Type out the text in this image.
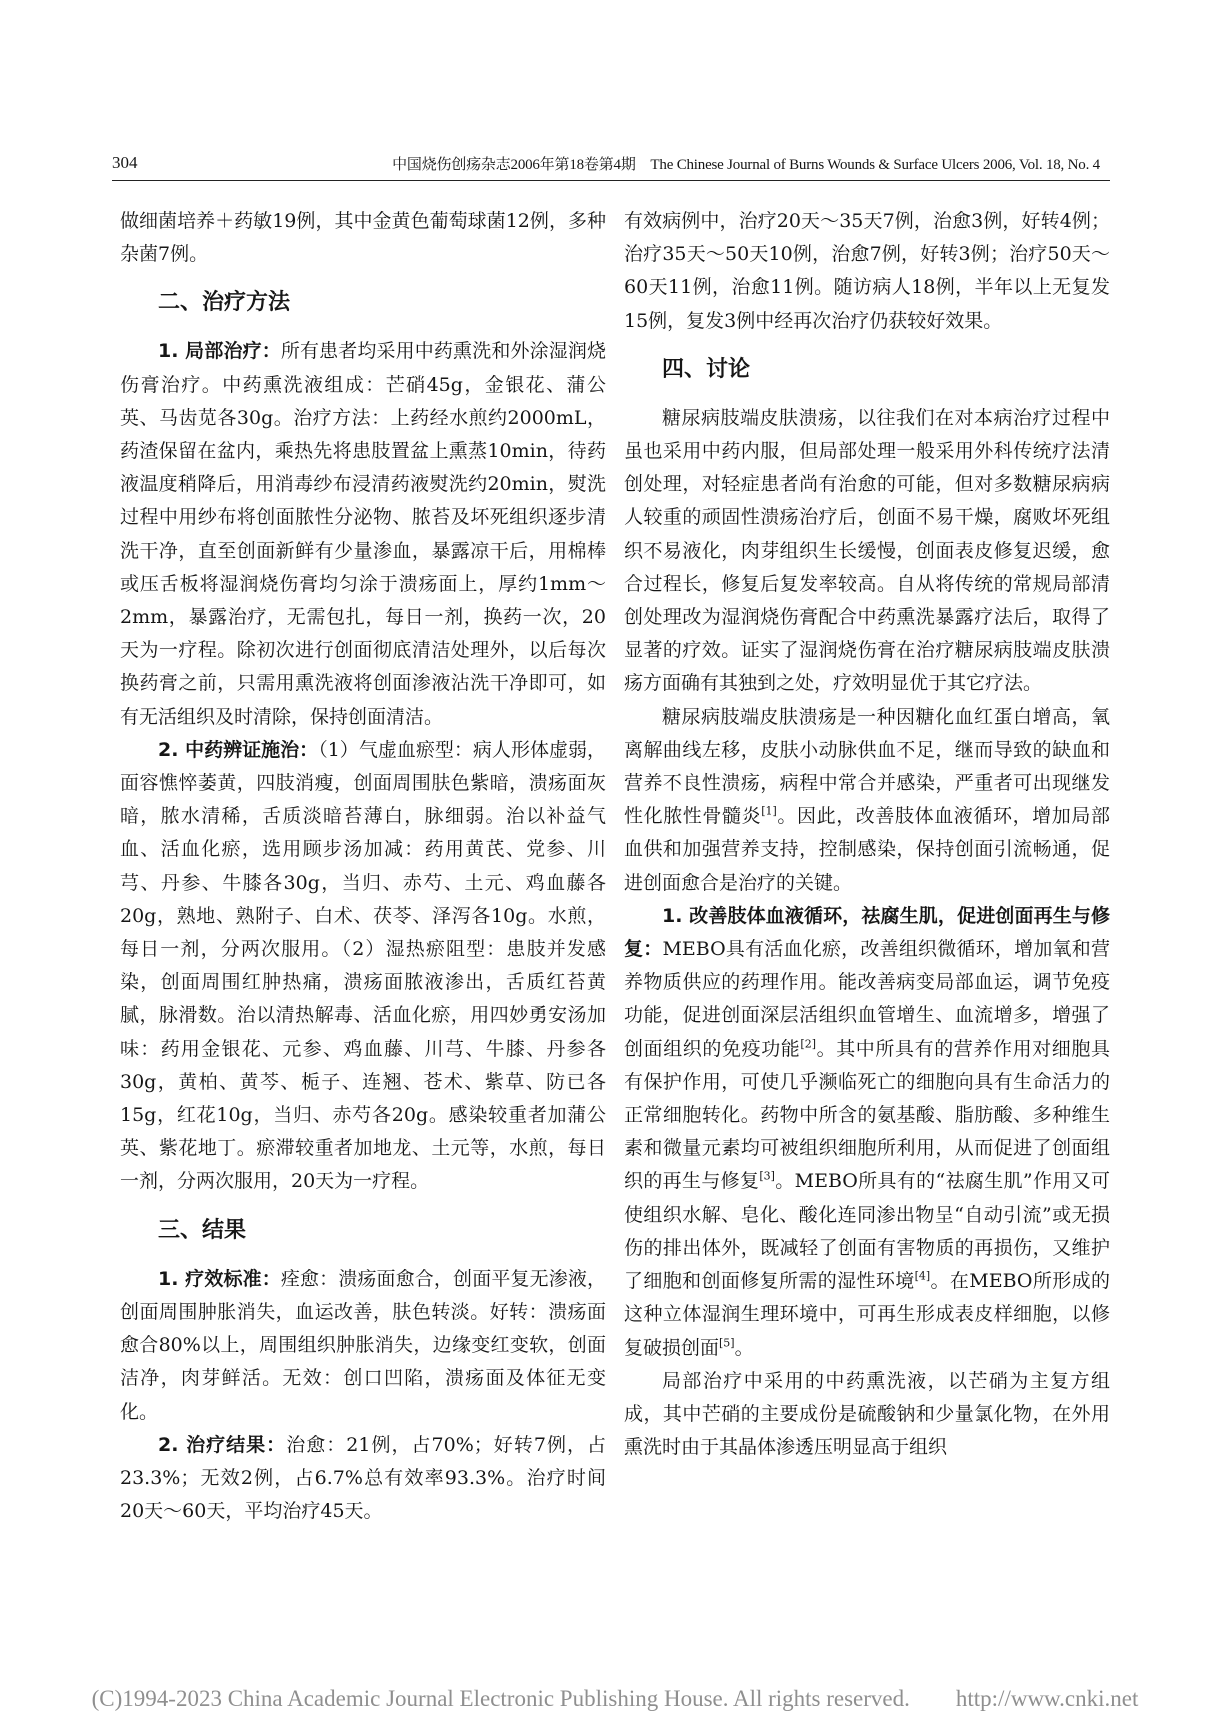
304	中国烧伤创疡杂志2006年第18卷第4期　The Chinese Journal of Burns Wounds & Surface Ulcers 2006, Vol. 18, No. 4

做细菌培养＋药敏19例，其中金黄色葡萄球菌12例，多种杂菌7例。

二、治疗方法

1. 局部治疗：所有患者均采用中药熏洗和外涂湿润烧伤膏治疗。中药熏洗液组成：芒硝45g，金银花、蒲公英、马齿苋各30g。治疗方法：上药经水煎约2000mL，药渣保留在盆内，乘热先将患肢置盆上熏蒸10min，待药液温度稍降后，用消毒纱布浸清药液熨洗约20min，熨洗过程中用纱布将创面脓性分泌物、脓苔及坏死组织逐步清洗干净，直至创面新鲜有少量渗血，暴露凉干后，用棉棒或压舌板将湿润烧伤膏均匀涂于溃疡面上，厚约1mm～2mm，暴露治疗，无需包扎，每日一剂，换药一次，20天为一疗程。除初次进行创面彻底清洁处理外，以后每次换药膏之前，只需用熏洗液将创面渗液沾洗干净即可，如有无活组织及时清除，保持创面清洁。

2. 中药辨证施治：（1）气虚血瘀型：病人形体虚弱，面容憔悴萎黄，四肢消瘦，创面周围肤色紫暗，溃疡面灰暗，脓水清稀，舌质淡暗苔薄白，脉细弱。治以补益气血、活血化瘀，选用顾步汤加减：药用黄芪、党参、川芎、丹参、牛膝各30g，当归、赤芍、土元、鸡血藤各20g，熟地、熟附子、白术、茯苓、泽泻各10g。水煎，每日一剂，分两次服用。（2）湿热瘀阻型：患肢并发感染，创面周围红肿热痛，溃疡面脓液渗出，舌质红苔黄腻，脉滑数。治以清热解毒、活血化瘀，用四妙勇安汤加味：药用金银花、元参、鸡血藤、川芎、牛膝、丹参各30g，黄柏、黄芩、栀子、连翘、苍术、紫草、防已各15g，红花10g，当归、赤芍各20g。感染较重者加蒲公英、紫花地丁。瘀滞较重者加地龙、土元等，水煎，每日一剂，分两次服用，20天为一疗程。

三、结果

1. 疗效标准：痊愈：溃疡面愈合，创面平复无渗液，创面周围肿胀消失，血运改善，肤色转淡。好转：溃疡面愈合80%以上，周围组织肿胀消失，边缘变红变软，创面洁净，肉芽鲜活。无效：创口凹陷，溃疡面及体征无变化。

2. 治疗结果：治愈：21例，占70%；好转7例，占23.3%；无效2例，占6.7%总有效率93.3%。治疗时间20天～60天，平均治疗45天。

有效病例中，治疗20天～35天7例，治愈3例，好转4例；治疗35天～50天10例，治愈7例，好转3例；治疗50天～60天11例，治愈11例。随访病人18例，半年以上无复发15例，复发3例中经再次治疗仍获较好效果。

四、讨论

糖尿病肢端皮肤溃疡，以往我们在对本病治疗过程中虽也采用中药内服，但局部处理一般采用外科传统疗法清创处理，对轻症患者尚有治愈的可能，但对多数糖尿病病人较重的顽固性溃疡治疗后，创面不易干燥，腐败坏死组织不易液化，肉芽组织生长缓慢，创面表皮修复迟缓，愈合过程长，修复后复发率较高。自从将传统的常规局部清创处理改为湿润烧伤膏配合中药熏洗暴露疗法后，取得了显著的疗效。证实了湿润烧伤膏在治疗糖尿病肢端皮肤溃疡方面确有其独到之处，疗效明显优于其它疗法。

糖尿病肢端皮肤溃疡是一种因糖化血红蛋白增高，氧离解曲线左移，皮肤小动脉供血不足，继而导致的缺血和营养不良性溃疡，病程中常合并感染，严重者可出现继发性化脓性骨髓炎[1]。因此，改善肢体血液循环，增加局部血供和加强营养支持，控制感染，保持创面引流畅通，促进创面愈合是治疗的关键。

1. 改善肢体血液循环，祛腐生肌，促进创面再生与修复：MEBO具有活血化瘀，改善组织微循环，增加氧和营养物质供应的药理作用。能改善病变局部血运，调节免疫功能，促进创面深层活组织血管增生、血流增多，增强了创面组织的免疫功能[2]。其中所具有的营养作用对细胞具有保护作用，可使几乎濒临死亡的细胞向具有生命活力的正常细胞转化。药物中所含的氨基酸、脂肪酸、多种维生素和微量元素均可被组织细胞所利用，从而促进了创面组织的再生与修复[3]。MEBO所具有的“祛腐生肌”作用又可使组织水解、皂化、酸化连同渗出物呈“自动引流”或无损伤的排出体外，既减轻了创面有害物质的再损伤，又维护了细胞和创面修复所需的湿性环境[4]。在MEBO所形成的这种立体湿润生理环境中，可再生形成表皮样细胞，以修复破损创面[5]。

局部治疗中采用的中药熏洗液，以芒硝为主复方组成，其中芒硝的主要成份是硫酸钠和少量氯化物，在外用熏洗时由于其晶体渗透压明显高于组织

(C)1994-2023 China Academic Journal Electronic Publishing House. All rights reserved.　　http://www.cnki.net
